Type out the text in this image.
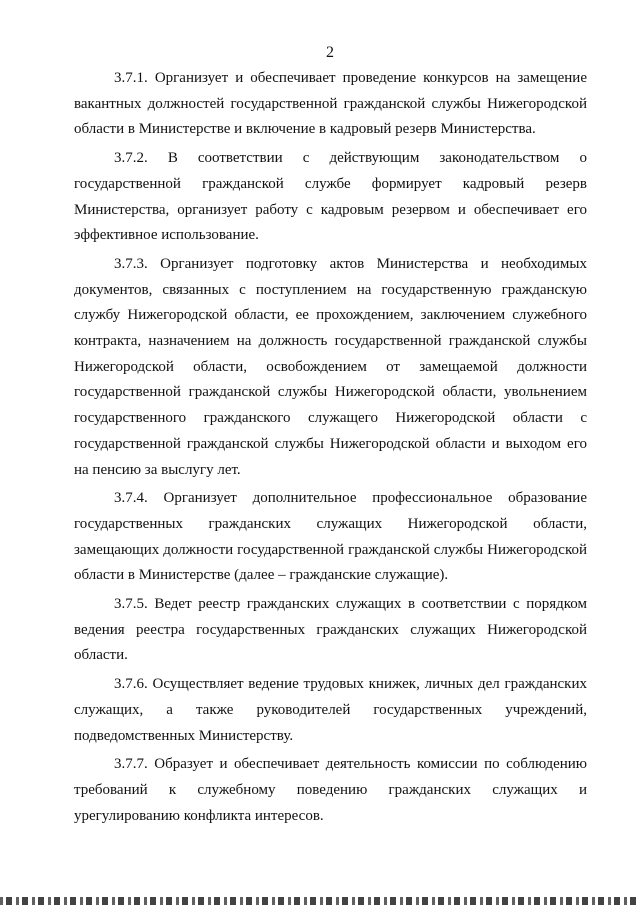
2

3.7.1. Организует и обеспечивает проведение конкурсов на замещение вакантных должностей государственной гражданской службы Нижегородской области в Министерстве и включение в кадровый резерв Министерства.

3.7.2. В соответствии с действующим законодательством о государственной гражданской службе формирует кадровый резерв Министерства, организует работу с кадровым резервом и обеспечивает его эффективное использование.

3.7.3. Организует подготовку актов Министерства и необходимых документов, связанных с поступлением на государственную гражданскую службу Нижегородской области, ее прохождением, заключением служебного контракта, назначением на должность государственной гражданской службы Нижегородской области, освобождением от замещаемой должности государственной гражданской службы Нижегородской области, увольнением государственного гражданского служащего Нижегородской области с государственной гражданской службы Нижегородской области и выходом его на пенсию за выслугу лет.

3.7.4. Организует дополнительное профессиональное образование государственных гражданских служащих Нижегородской области, замещающих должности государственной гражданской службы Нижегородской области в Министерстве (далее – гражданские служащие).

3.7.5. Ведет реестр гражданских служащих в соответствии с порядком ведения реестра государственных гражданских служащих Нижегородской области.

3.7.6. Осуществляет ведение трудовых книжек, личных дел гражданских служащих, а также руководителей государственных учреждений, подведомственных Министерству.

3.7.7. Образует и обеспечивает деятельность комиссии по соблюдению требований к служебному поведению гражданских служащих и урегулированию конфликта интересов.
